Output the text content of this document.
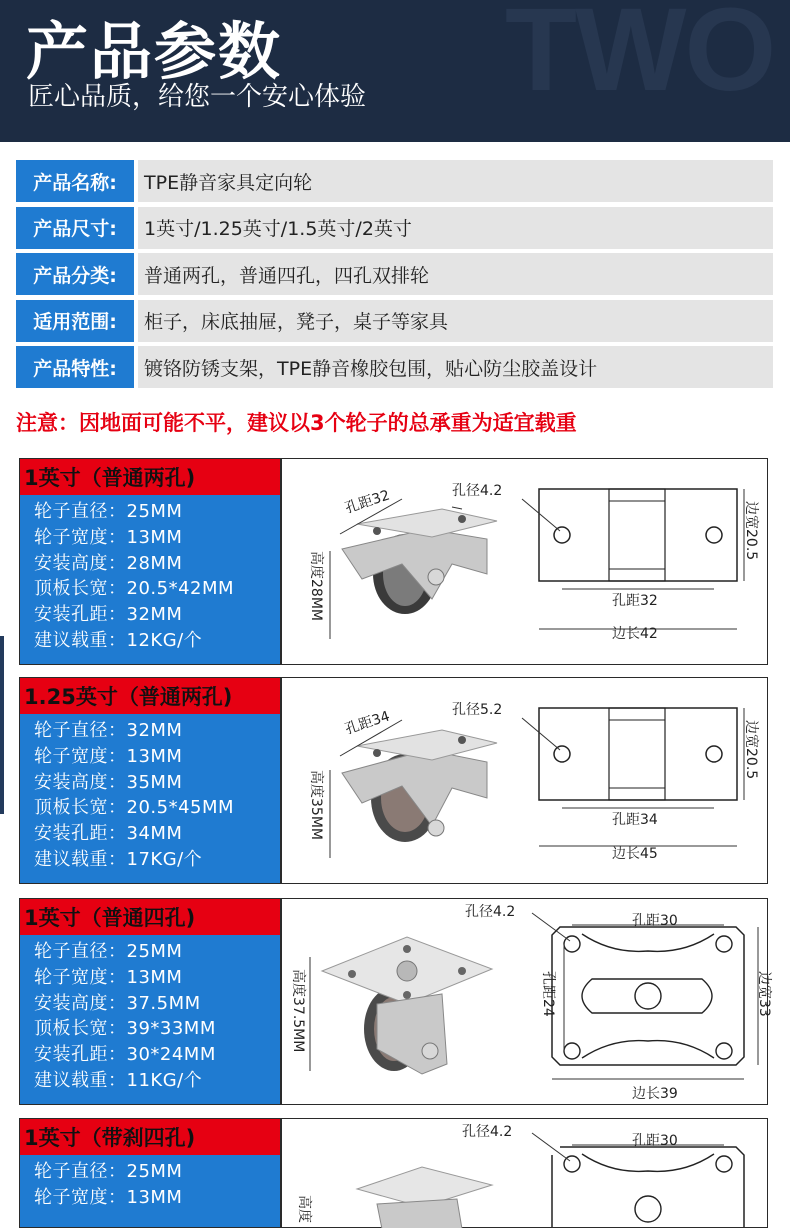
TWO
产品参数
匠心品质，给您一个安心体验
产品名称:	TPE静音家具定向轮
产品尺寸:	1英寸/1.25英寸/1.5英寸/2英寸
产品分类:	普通两孔，普通四孔，四孔双排轮
适用范围:	柜子，床底抽屉，凳子，桌子等家具
产品特性:	镀铬防锈支架，TPE静音橡胶包围，贴心防尘胶盖设计
注意：因地面可能不平，建议以3个轮子的总承重为适宜载重
1英寸（普通两孔)
轮子直径：25MM
轮子宽度：13MM
安装高度：28MM
顶板长宽：20.5*42MM
安装孔距：32MM
建议载重：12KG/个
孔距32
高度28MM
孔径4.2
边宽20.5
孔距32
边长42
1.25英寸（普通两孔)
轮子直径：32MM
轮子宽度：13MM
安装高度：35MM
顶板长宽：20.5*45MM
安装孔距：34MM
建议载重：17KG/个
孔距34
高度35MM
孔径5.2
边宽20.5
孔距34
边长45
1英寸（普通四孔)
轮子直径：25MM
轮子宽度：13MM
安装高度：37.5MM
顶板长宽：39*33MM
安装孔距：30*24MM
建议载重：11KG/个
高度37.5MM
孔径4.2
孔距30
孔距24	边宽33
边长39
1英寸（带刹四孔)
轮子直径：25MM
轮子宽度：13MM	高度
孔径4.2
孔距30
